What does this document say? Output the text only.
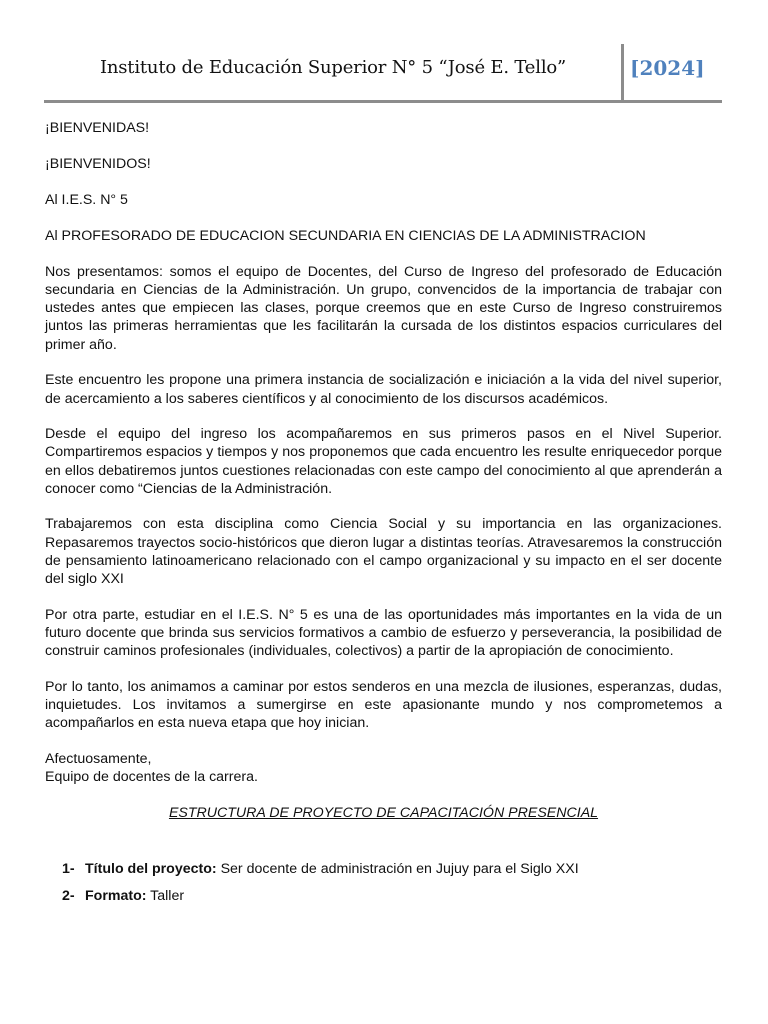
Instituto de Educación Superior N° 5 “José E. Tello”	[2024]

¡BIENVENIDAS!

¡BIENVENIDOS!

Al I.E.S. N° 5

Al PROFESORADO DE EDUCACION SECUNDARIA EN CIENCIAS DE LA ADMINISTRACION

Nos presentamos: somos el equipo de Docentes, del Curso de Ingreso del profesorado de Educación secundaria en Ciencias de la Administración. Un grupo, convencidos de la importancia de trabajar con ustedes antes que empiecen las clases, porque creemos que en este Curso de Ingreso construiremos juntos las primeras herramientas que les facilitarán la cursada de los distintos espacios curriculares del primer año.

Este encuentro les propone una primera instancia de socialización e iniciación a la vida del nivel superior, de acercamiento a los saberes científicos y al conocimiento de los discursos académicos.

Desde el equipo del ingreso los acompañaremos en sus primeros pasos en el Nivel Superior. Compartiremos espacios y tiempos y nos proponemos que cada encuentro les resulte enriquecedor porque en ellos debatiremos juntos cuestiones relacionadas con este campo del conocimiento al que aprenderán a conocer como “Ciencias de la Administración.

Trabajaremos con esta disciplina como Ciencia Social y su importancia en las organizaciones. Repasaremos trayectos socio-históricos que dieron lugar a distintas teorías. Atravesaremos la construcción de pensamiento latinoamericano relacionado con el campo organizacional y su impacto en el ser docente del siglo XXI

Por otra parte, estudiar en el I.E.S. N° 5 es una de las oportunidades más importantes en la vida de un futuro docente que brinda sus servicios formativos a cambio de esfuerzo y perseverancia, la posibilidad de construir caminos profesionales (individuales, colectivos) a partir de la apropiación de conocimiento.

Por lo tanto, los animamos a caminar por estos senderos en una mezcla de ilusiones, esperanzas, dudas, inquietudes. Los invitamos a sumergirse en este apasionante mundo y nos comprometemos a acompañarlos en esta nueva etapa que hoy inician.

Afectuosamente,

Equipo de docentes de la carrera.

ESTRUCTURA DE PROYECTO DE CAPACITACIÓN PRESENCIAL

1- Título del proyecto: Ser docente de administración en Jujuy para el Siglo XXI
2- Formato: Taller
